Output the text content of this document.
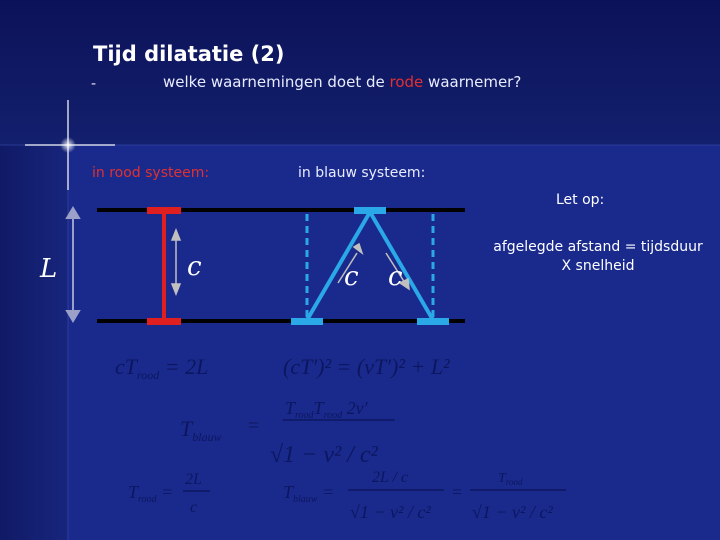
$cT_{rood} = 2L$	(cT′)² = (vT′)² + L²
$T_{blauw}$ =
$T_{rood}T_{rood}$ 2v′
√1 − v² / c²
$T_{rood}$ =
2L
c
$T_{blauw}$ =
2L / c
√1 − v² / c²
=
$T_{rood}$
√1 − v² / c²
Tijd dilatatie (2)
-	welke waarnemingen doet de rode waarnemer?
in rood systeem:	in blauw systeem:
Let op:
afgelegde afstand = tijdsduur X snelheid
L	c	c c
